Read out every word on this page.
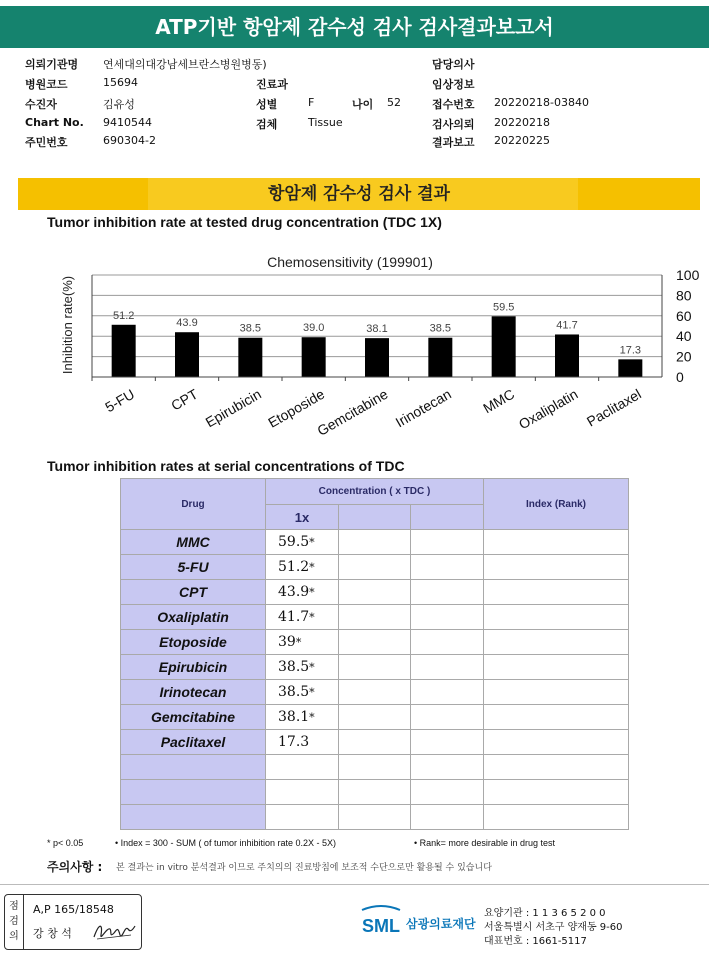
ATP기반 항암제 감수성 검사 검사결과보고서
의뢰기관명 연세대의대강남세브란스병원병동)
병원코드	15694
수진자	김유성
Chart No. 9410544
주민번호	690304-2
진료과
성별	F	나이 52
검체	Tissue
담당의사
임상정보
접수번호 20220218-03840
검사의뢰 20220218
결과보고 20220225
항암제 감수성 검사 결과
Tumor inhibition rate at tested drug concentration (TDC 1X)
Chemosensitivity (199901)
Inhibition rate(%)	51.2
43.9	38.5	39.0	38.1	38.5
59.5
41.7
17.3
100
80
60
40
20
0
5-FU CPT Epirubicin Etoposide
Gemcitabine Irinotecan MMC
Oxaliplatin Paclitaxel
Tumor inhibition rates at serial concentrations of TDC
Drug	Concentration ( x TDC )			Index (Rank)
	1x			
MMC	59.5*			
5-FU	51.2*			
CPT	43.9*			
Oxaliplatin	41.7*			
Etoposide	39*			
Epirubicin	38.5*			
Irinotecan	38.5*			
Gemcitabine	38.1*			
Paclitaxel	17.3			

* p< 0.05	• Index = 300 - SUM ( of tumor inhibition rate 0.2X - 5X)	• Rank= more desirable in drug test
주의사항 : 본 결과는 in vitro 분석결과 이므로 주치의의 진료방침에 보조적 수단으로만 활용될 수 있습니다
점검의
A,P 165/18548
강 창 석	SML 삼광의료재단
요양기관 : 1 1 3 6 5 2 0 0
서울특별시 서초구 양재동 9-60
대표번호 : 1661-5117
